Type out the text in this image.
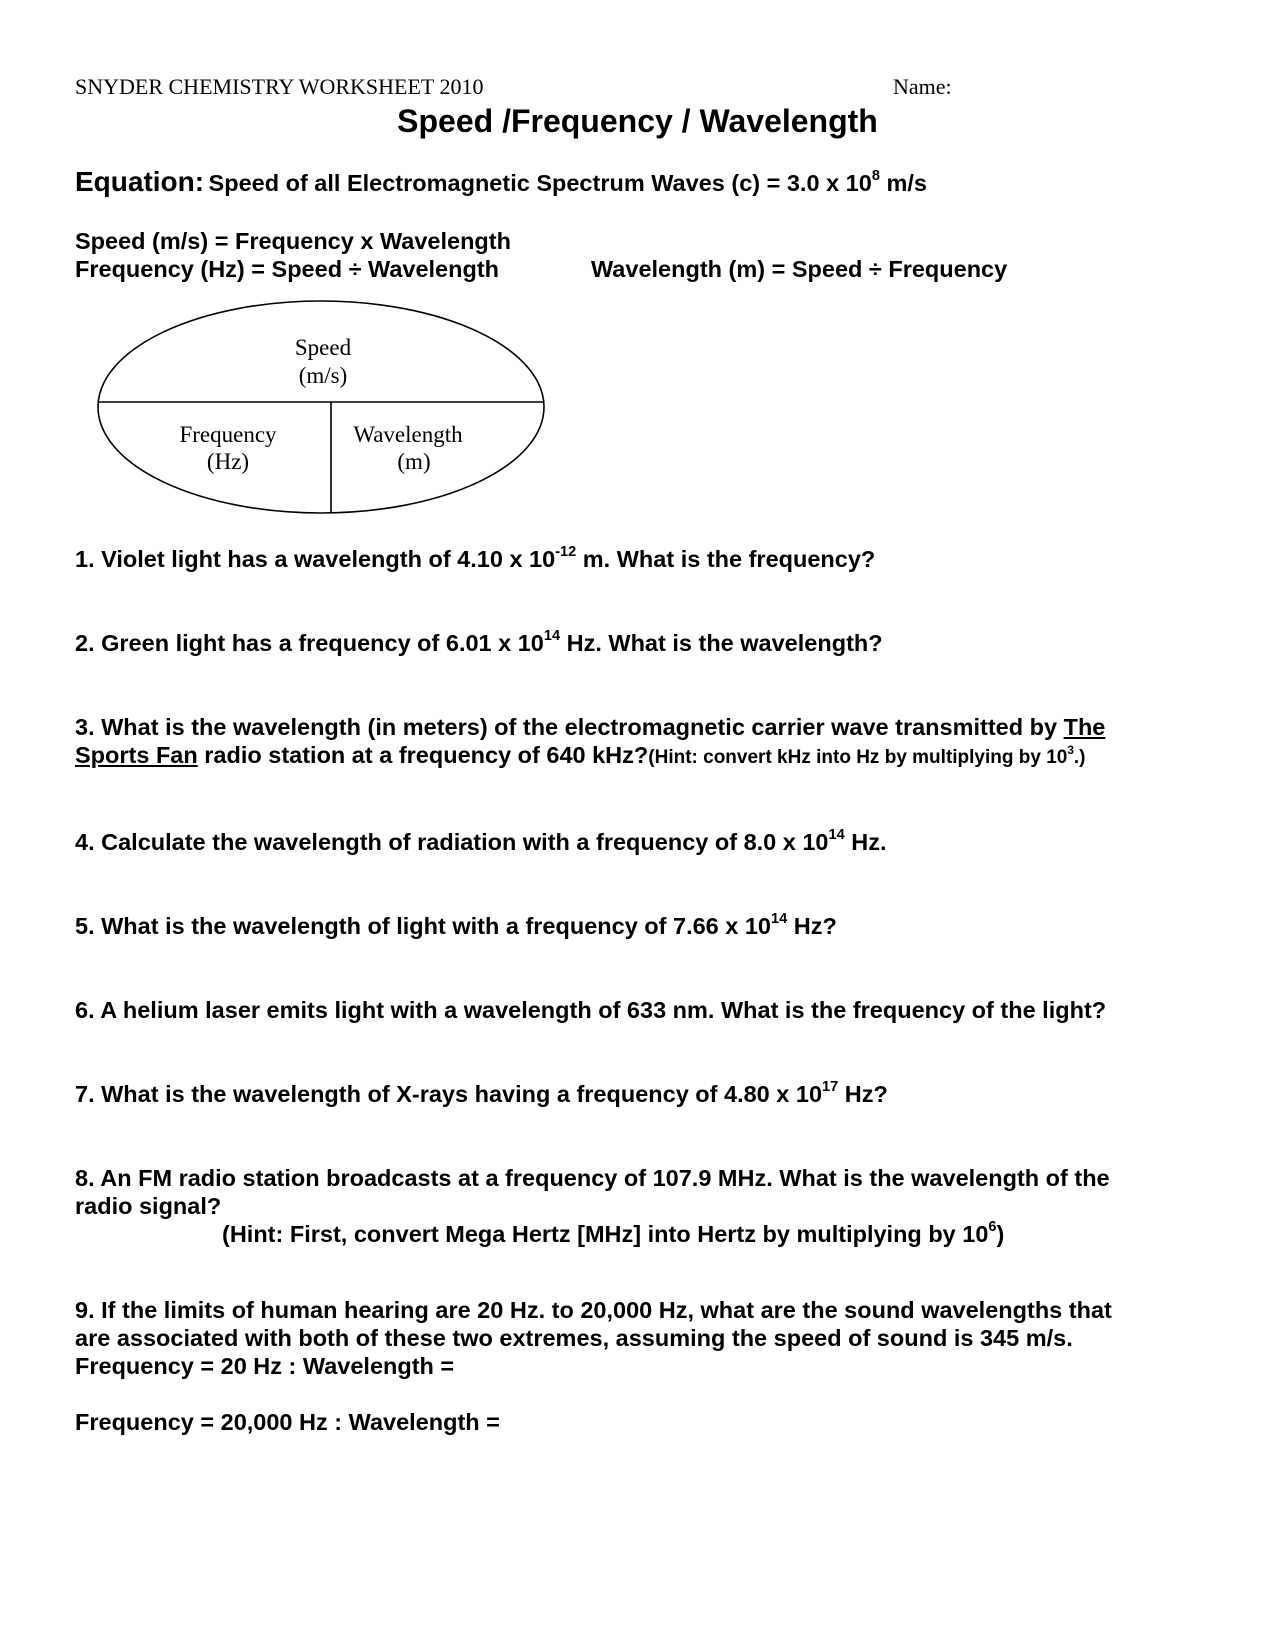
SNYDER CHEMISTRY WORKSHEET 2010	Name:
Speed /Frequency / Wavelength
Equation: Speed of all Electromagnetic Spectrum Waves (c) = 3.0 x $10^8$ m/s
Speed (m/s) = Frequency x Wavelength
Frequency (Hz) = Speed ÷ Wavelength	Wavelength (m) = Speed ÷ Frequency
Speed
(m/s)
Frequency
(Hz)
Wavelength
(m)
1. Violet light has a wavelength of 4.10 x $10^{-12}$ m. What is the frequency?
2. Green light has a frequency of 6.01 x $10^{14}$ Hz. What is the wavelength?
3. What is the wavelength (in meters) of the electromagnetic carrier wave transmitted by The
Sports Fan radio station at a frequency of 640 kHz?(Hint: convert kHz into Hz by multiplying by $10^3$.)
4. Calculate the wavelength of radiation with a frequency of 8.0 x $10^{14}$ Hz.
5. What is the wavelength of light with a frequency of 7.66 x $10^{14}$ Hz?
6. A helium laser emits light with a wavelength of 633 nm. What is the frequency of the light?
7. What is the wavelength of X-rays having a frequency of 4.80 x $10^{17}$ Hz?
8. An FM radio station broadcasts at a frequency of 107.9 MHz. What is the wavelength of the
radio signal?
(Hint: First, convert Mega Hertz [MHz] into Hertz by multiplying by $10^6$)
9. If the limits of human hearing are 20 Hz. to 20,000 Hz, what are the sound wavelengths that
are associated with both of these two extremes, assuming the speed of sound is 345 m/s.
Frequency = 20 Hz : Wavelength =
Frequency = 20,000 Hz : Wavelength =
